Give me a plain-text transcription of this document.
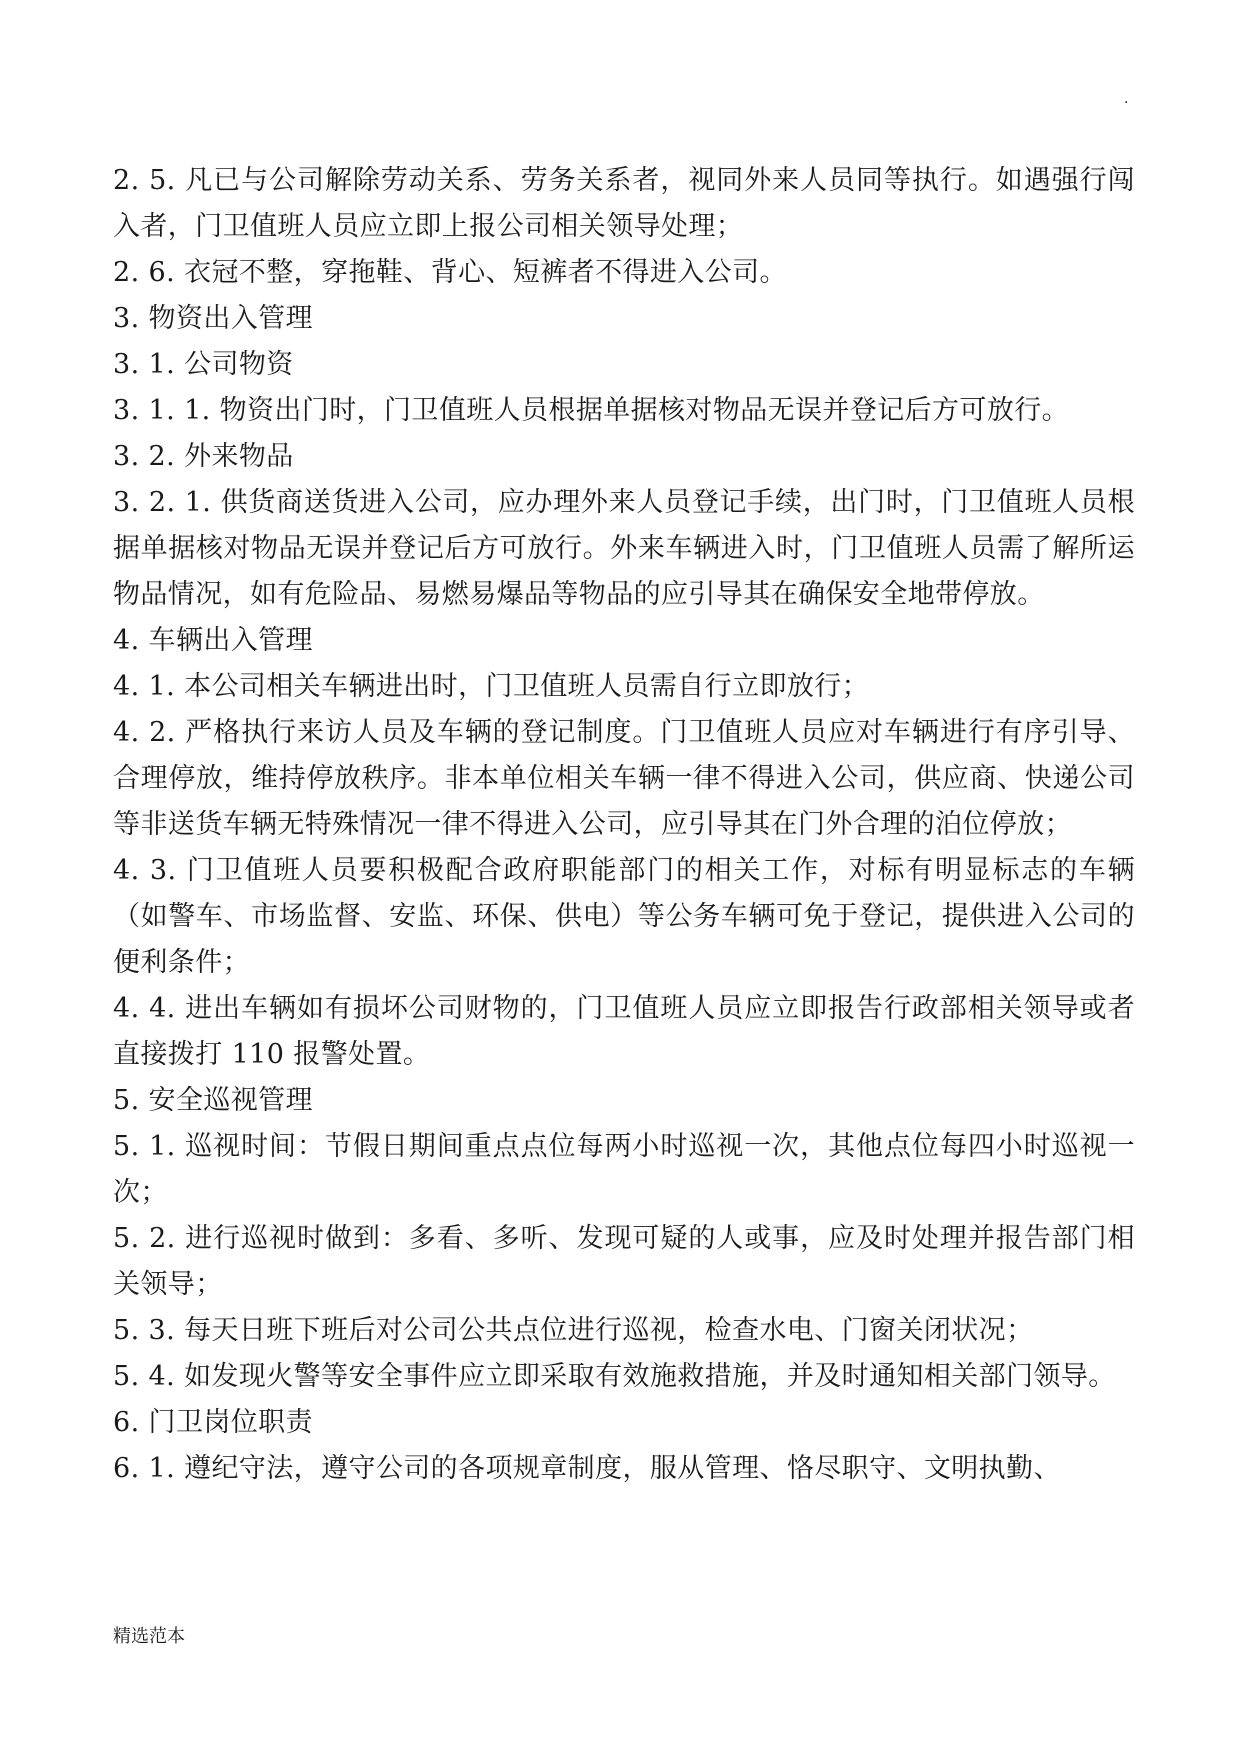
.

2. 5. 凡已与公司解除劳动关系、劳务关系者，视同外来人员同等执行。如遇强行闯入者，门卫值班人员应立即上报公司相关领导处理；

2. 6. 衣冠不整，穿拖鞋、背心、短裤者不得进入公司。

3. 物资出入管理

3. 1. 公司物资

3. 1. 1. 物资出门时，门卫值班人员根据单据核对物品无误并登记后方可放行。

3. 2. 外来物品

3. 2. 1. 供货商送货进入公司，应办理外来人员登记手续，出门时，门卫值班人员根据单据核对物品无误并登记后方可放行。外来车辆进入时，门卫值班人员需了解所运物品情况，如有危险品、易燃易爆品等物品的应引导其在确保安全地带停放。

4. 车辆出入管理

4. 1. 本公司相关车辆进出时，门卫值班人员需自行立即放行；

4. 2. 严格执行来访人员及车辆的登记制度。门卫值班人员应对车辆进行有序引导、合理停放，维持停放秩序。非本单位相关车辆一律不得进入公司，供应商、快递公司等非送货车辆无特殊情况一律不得进入公司，应引导其在门外合理的泊位停放；

4. 3. 门卫值班人员要积极配合政府职能部门的相关工作，对标有明显标志的车辆（如警车、市场监督、安监、环保、供电）等公务车辆可免于登记，提供进入公司的便利条件；

4. 4. 进出车辆如有损坏公司财物的，门卫值班人员应立即报告行政部相关领导或者直接拨打 110 报警处置。

5. 安全巡视管理

5. 1. 巡视时间：节假日期间重点点位每两小时巡视一次，其他点位每四小时巡视一次；

5. 2. 进行巡视时做到：多看、多听、发现可疑的人或事，应及时处理并报告部门相关领导；

5. 3. 每天日班下班后对公司公共点位进行巡视，检查水电、门窗关闭状况；

5. 4. 如发现火警等安全事件应立即采取有效施救措施，并及时通知相关部门领导。

6. 门卫岗位职责

6. 1. 遵纪守法，遵守公司的各项规章制度，服从管理、恪尽职守、文明执勤、

精选范本
